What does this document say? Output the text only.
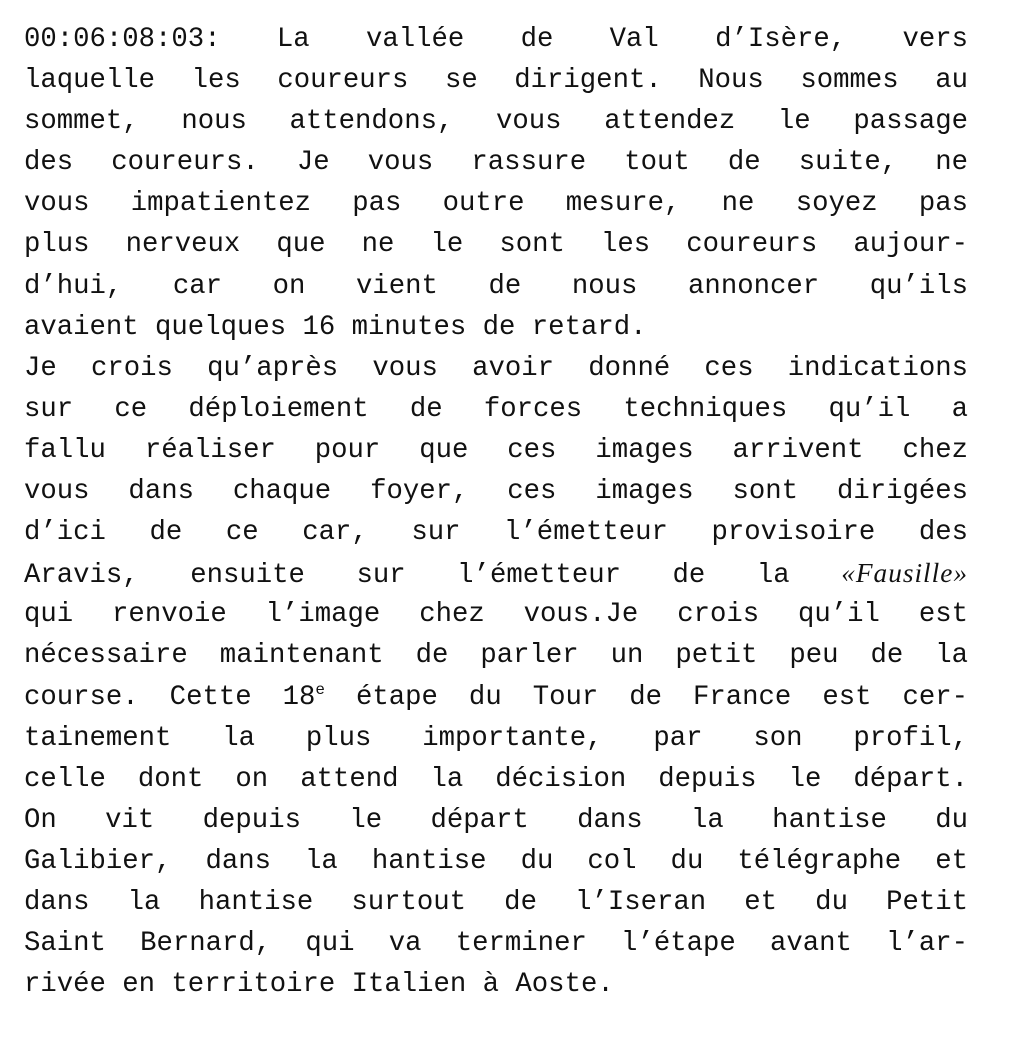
00:06:08:03: La vallée de Val d’Isère, vers
laquelle les coureurs se dirigent. Nous sommes au
sommet, nous attendons, vous attendez le passage
des coureurs. Je vous rassure tout de suite, ne
vous impatientez pas outre mesure, ne soyez pas
plus nerveux que ne le sont les coureurs aujour-
d’hui, car on vient de nous annoncer qu’ils
avaient quelques 16 minutes de retard.
Je crois qu’après vous avoir donné ces indications
sur ce déploiement de forces techniques qu’il a
fallu réaliser pour que ces images arrivent chez
vous dans chaque foyer, ces images sont dirigées
d’ici de ce car, sur l’émetteur provisoire des
Aravis, ensuite sur l’émetteur de la «Fausille»
qui renvoie l’image chez vous.Je crois qu’il est
nécessaire maintenant de parler un petit peu de la
course. Cette 18e étape du Tour de France est cer-
tainement la plus importante, par son profil,
celle dont on attend la décision depuis le départ.
On vit depuis le départ dans la hantise du
Galibier, dans la hantise du col du télégraphe et
dans la hantise surtout de l’Iseran et du Petit
Saint Bernard, qui va terminer l’étape avant l’ar-
rivée en territoire Italien à Aoste.
